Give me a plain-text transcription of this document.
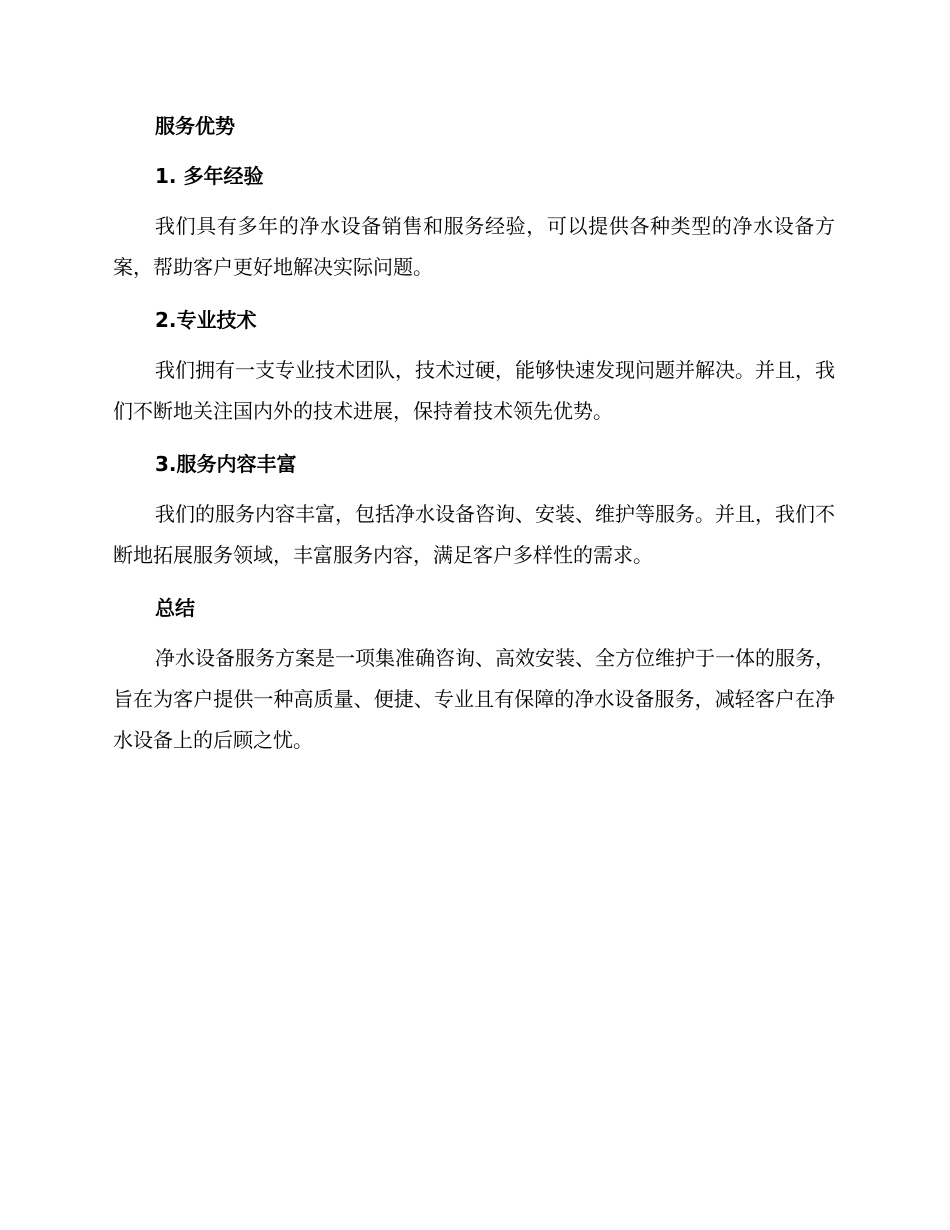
服务优势
1. 多年经验

我们具有多年的净水设备销售和服务经验，可以提供各种类型的净水设备方案，帮助客户更好地解决实际问题。

2.专业技术

我们拥有一支专业技术团队，技术过硬，能够快速发现问题并解决。并且，我们不断地关注国内外的技术进展，保持着技术领先优势。

3.服务内容丰富

我们的服务内容丰富，包括净水设备咨询、安装、维护等服务。并且，我们不断地拓展服务领域，丰富服务内容，满足客户多样性的需求。

总结

净水设备服务方案是一项集准确咨询、高效安装、全方位维护于一体的服务，旨在为客户提供一种高质量、便捷、专业且有保障的净水设备服务，减轻客户在净水设备上的后顾之忧。
